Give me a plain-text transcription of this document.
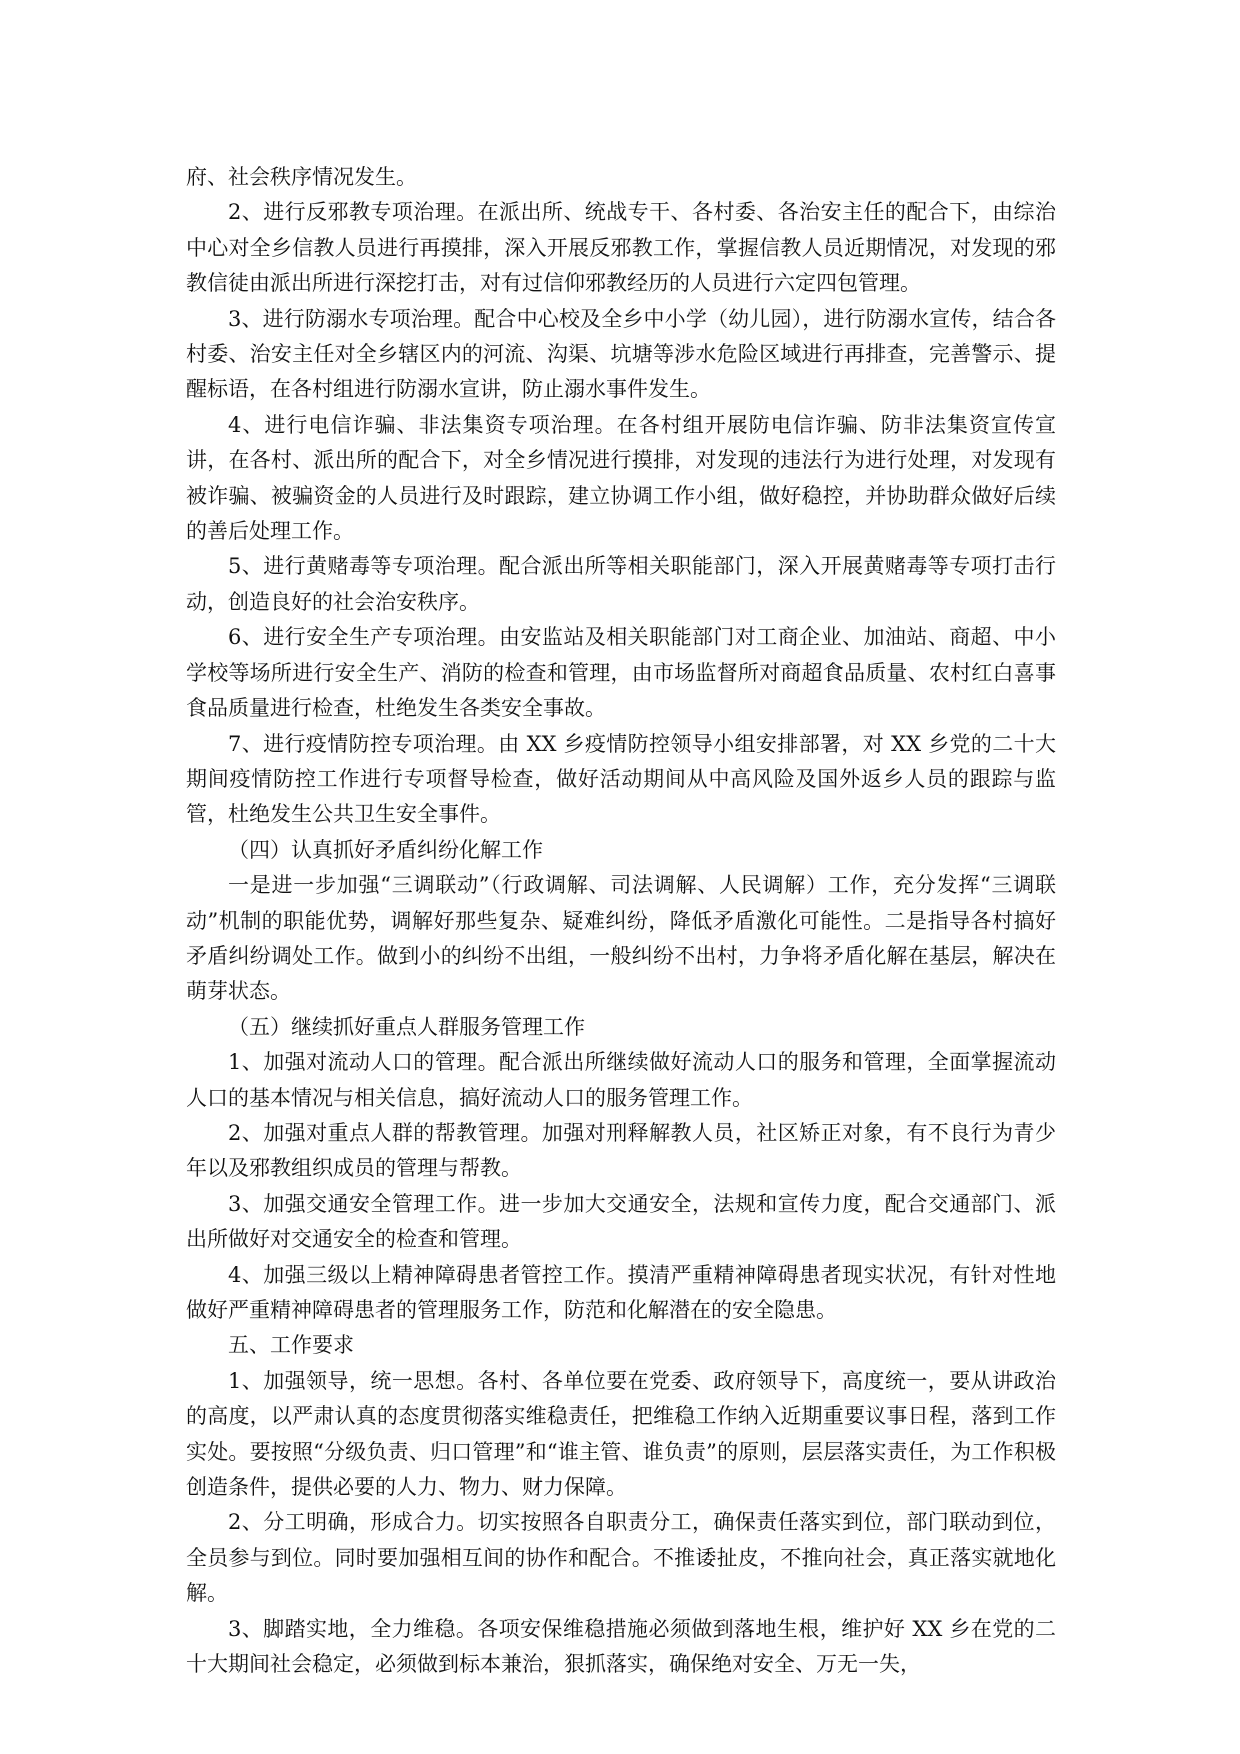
府、社会秩序情况发生。

2、进行反邪教专项治理。在派出所、统战专干、各村委、各治安主任的配合下，由综治中心对全乡信教人员进行再摸排，深入开展反邪教工作，掌握信教人员近期情况，对发现的邪教信徒由派出所进行深挖打击，对有过信仰邪教经历的人员进行六定四包管理。

3、进行防溺水专项治理。配合中心校及全乡中小学（幼儿园），进行防溺水宣传，结合各村委、治安主任对全乡辖区内的河流、沟渠、坑塘等涉水危险区域进行再排查，完善警示、提醒标语，在各村组进行防溺水宣讲，防止溺水事件发生。

4、进行电信诈骗、非法集资专项治理。在各村组开展防电信诈骗、防非法集资宣传宣讲，在各村、派出所的配合下，对全乡情况进行摸排，对发现的违法行为进行处理，对发现有被诈骗、被骗资金的人员进行及时跟踪，建立协调工作小组，做好稳控，并协助群众做好后续的善后处理工作。

5、进行黄赌毒等专项治理。配合派出所等相关职能部门，深入开展黄赌毒等专项打击行动，创造良好的社会治安秩序。

6、进行安全生产专项治理。由安监站及相关职能部门对工商企业、加油站、商超、中小学校等场所进行安全生产、消防的检查和管理，由市场监督所对商超食品质量、农村红白喜事食品质量进行检查，杜绝发生各类安全事故。

7、进行疫情防控专项治理。由 XX 乡疫情防控领导小组安排部署，对 XX 乡党的二十大期间疫情防控工作进行专项督导检查，做好活动期间从中高风险及国外返乡人员的跟踪与监管，杜绝发生公共卫生安全事件。

（四）认真抓好矛盾纠纷化解工作

一是进一步加强“三调联动”（行政调解、司法调解、人民调解）工作，充分发挥“三调联动”机制的职能优势，调解好那些复杂、疑难纠纷，降低矛盾激化可能性。二是指导各村搞好矛盾纠纷调处工作。做到小的纠纷不出组，一般纠纷不出村，力争将矛盾化解在基层，解决在萌芽状态。

（五）继续抓好重点人群服务管理工作

1、加强对流动人口的管理。配合派出所继续做好流动人口的服务和管理，全面掌握流动人口的基本情况与相关信息，搞好流动人口的服务管理工作。

2、加强对重点人群的帮教管理。加强对刑释解教人员，社区矫正对象，有不良行为青少年以及邪教组织成员的管理与帮教。

3、加强交通安全管理工作。进一步加大交通安全，法规和宣传力度，配合交通部门、派出所做好对交通安全的检查和管理。

4、加强三级以上精神障碍患者管控工作。摸清严重精神障碍患者现实状况，有针对性地做好严重精神障碍患者的管理服务工作，防范和化解潜在的安全隐患。

五、工作要求

1、加强领导，统一思想。各村、各单位要在党委、政府领导下，高度统一，要从讲政治的高度，以严肃认真的态度贯彻落实维稳责任，把维稳工作纳入近期重要议事日程，落到工作实处。要按照“分级负责、归口管理”和“谁主管、谁负责”的原则，层层落实责任，为工作积极创造条件，提供必要的人力、物力、财力保障。

2、分工明确，形成合力。切实按照各自职责分工，确保责任落实到位，部门联动到位，全员参与到位。同时要加强相互间的协作和配合。不推诿扯皮，不推向社会，真正落实就地化解。

3、脚踏实地，全力维稳。各项安保维稳措施必须做到落地生根，维护好 XX 乡在党的二十大期间社会稳定，必须做到标本兼治，狠抓落实，确保绝对安全、万无一失，
